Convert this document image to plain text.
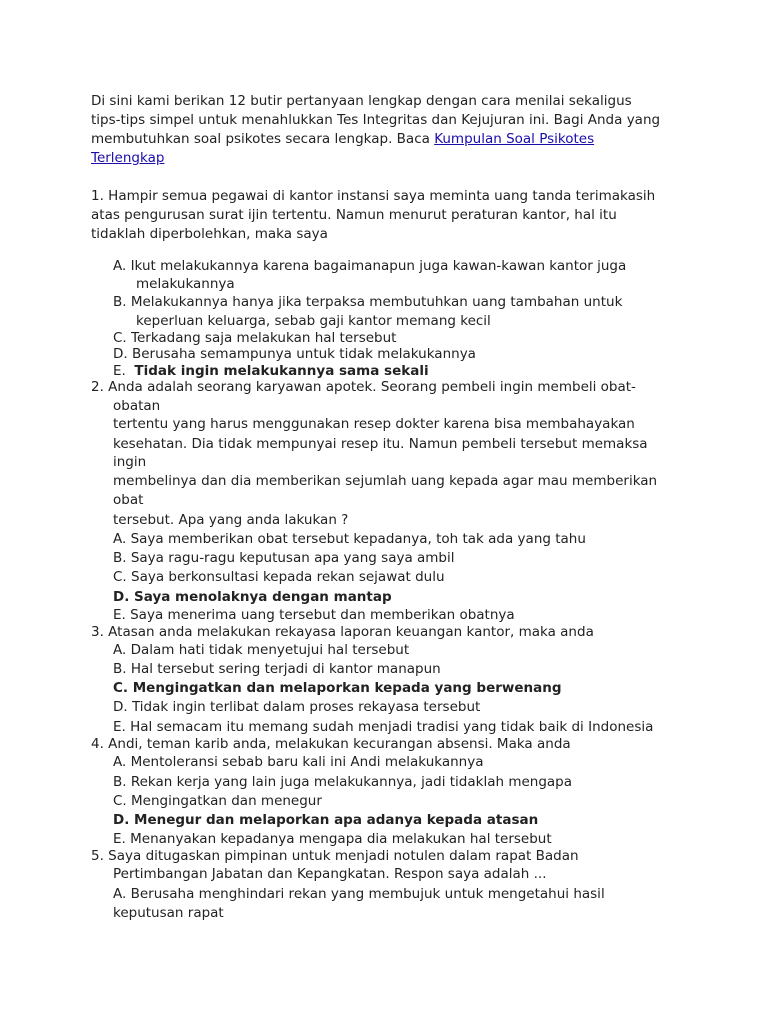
Di sini kami berikan 12 butir pertanyaan lengkap dengan cara menilai sekaligus
tips-tips simpel untuk menahlukkan Tes Integritas dan Kejujuran ini. Bagi Anda yang
membutuhkan soal psikotes secara lengkap. Baca Kumpulan Soal Psikotes
Terlengkap
1. Hampir semua pegawai di kantor instansi saya meminta uang tanda terimakasih
atas pengurusan surat ijin tertentu. Namun menurut peraturan kantor, hal itu
tidaklah diperbolehkan, maka saya
A. Ikut melakukannya karena bagaimanapun juga kawan-kawan kantor juga
melakukannya
B. Melakukannya hanya jika terpaksa membutuhkan uang tambahan untuk
keperluan keluarga, sebab gaji kantor memang kecil
C. Terkadang saja melakukan hal tersebut
D. Berusaha semampunya untuk tidak melakukannya
E. Tidak ingin melakukannya sama sekali
2. Anda adalah seorang karyawan apotek. Seorang pembeli ingin membeli obat-
obatan
tertentu yang harus menggunakan resep dokter karena bisa membahayakan
kesehatan. Dia tidak mempunyai resep itu. Namun pembeli tersebut memaksa
ingin
membelinya dan dia memberikan sejumlah uang kepada agar mau memberikan
obat
tersebut. Apa yang anda lakukan ?
A. Saya memberikan obat tersebut kepadanya, toh tak ada yang tahu
B. Saya ragu-ragu keputusan apa yang saya ambil
C. Saya berkonsultasi kepada rekan sejawat dulu
D. Saya menolaknya dengan mantap
E. Saya menerima uang tersebut dan memberikan obatnya
3. Atasan anda melakukan rekayasa laporan keuangan kantor, maka anda
A. Dalam hati tidak menyetujui hal tersebut
B. Hal tersebut sering terjadi di kantor manapun
C. Mengingatkan dan melaporkan kepada yang berwenang
D. Tidak ingin terlibat dalam proses rekayasa tersebut
E. Hal semacam itu memang sudah menjadi tradisi yang tidak baik di Indonesia
4. Andi, teman karib anda, melakukan kecurangan absensi. Maka anda
A. Mentoleransi sebab baru kali ini Andi melakukannya
B. Rekan kerja yang lain juga melakukannya, jadi tidaklah mengapa
C. Mengingatkan dan menegur
D. Menegur dan melaporkan apa adanya kepada atasan
E. Menanyakan kepadanya mengapa dia melakukan hal tersebut
5. Saya ditugaskan pimpinan untuk menjadi notulen dalam rapat Badan
Pertimbangan Jabatan dan Kepangkatan. Respon saya adalah ...
A. Berusaha menghindari rekan yang membujuk untuk mengetahui hasil
keputusan rapat
